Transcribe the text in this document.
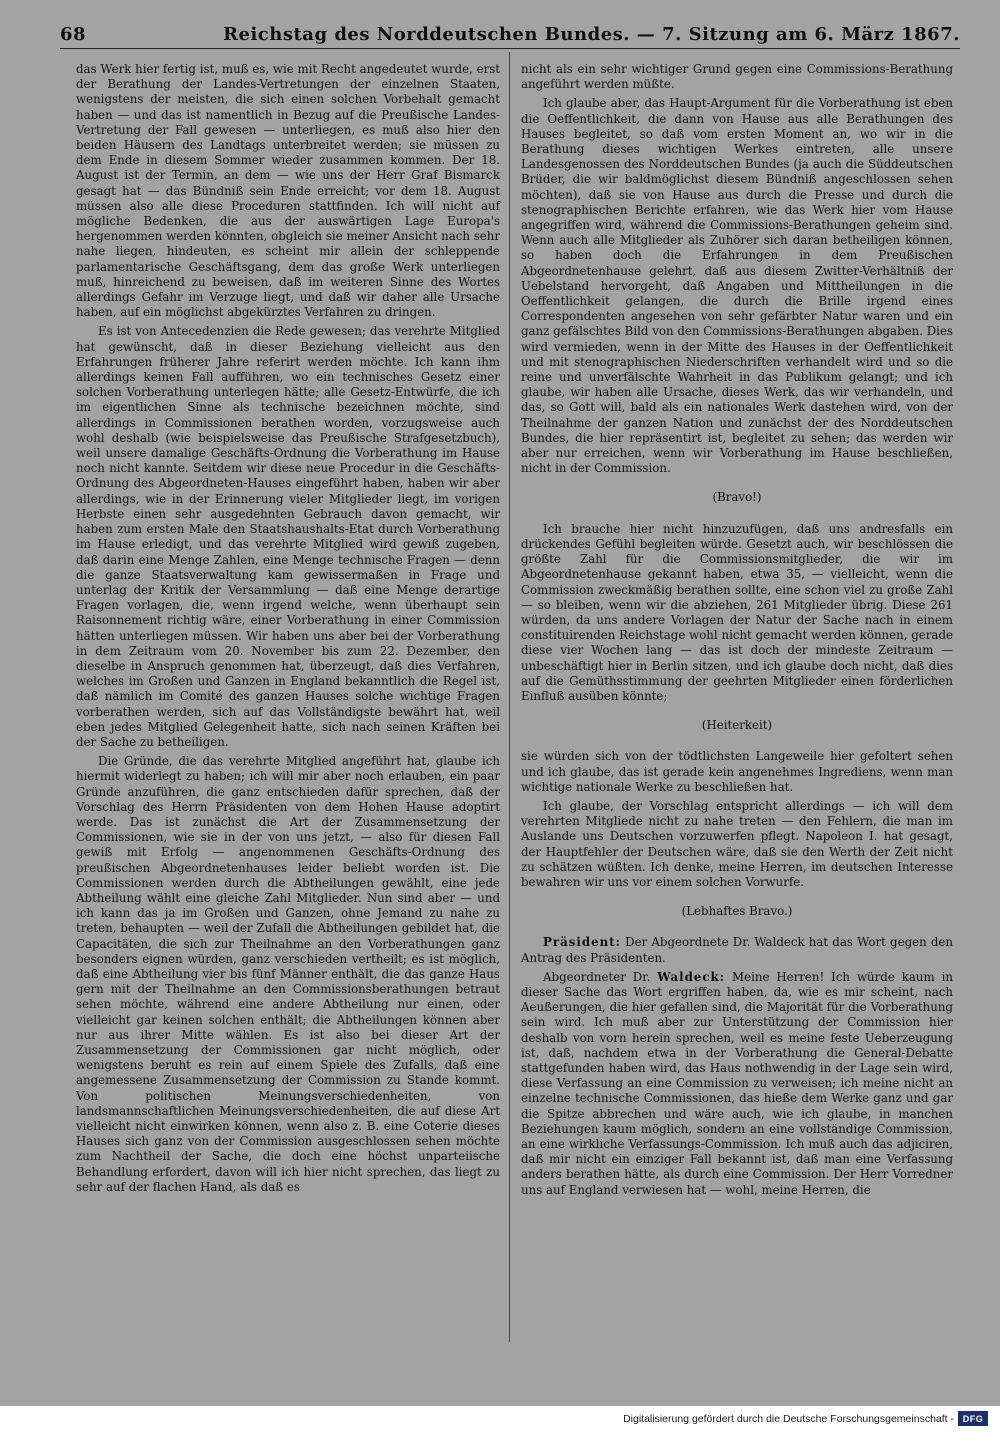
68	Reichstag des Norddeutschen Bundes. — 7. Sitzung am 6. März 1867.

das Werk hier fertig ist, muß es, wie mit Recht angedeutet wurde, erst der Berathung der Landes-Vertretungen der einzelnen Staaten, wenigstens der meisten, die sich einen solchen Vorbehalt gemacht haben — und das ist namentlich in Bezug auf die Preußische Landes-Vertretung der Fall gewesen — unterliegen, es muß also hier den beiden Häusern des Landtags unterbreitet werden; sie müssen zu dem Ende in diesem Sommer wieder zusammen kommen. Der 18. August ist der Termin, an dem — wie uns der Herr Graf Bismarck gesagt hat — das Bündniß sein Ende erreicht; vor dem 18. August müssen also alle diese Proceduren stattfinden. Ich will nicht auf mögliche Bedenken, die aus der auswärtigen Lage Europa's hergenommen werden könnten, obgleich sie meiner Ansicht nach sehr nahe liegen, hindeuten, es scheint mir allein der schleppende parlamentarische Geschäftsgang, dem das große Werk unterliegen muß, hinreichend zu beweisen, daß im weiteren Sinne des Wortes allerdings Gefahr im Verzuge liegt, und daß wir daher alle Ursache haben, auf ein möglichst abgekürztes Verfahren zu dringen.

Es ist von Antecedenzien die Rede gewesen; das verehrte Mitglied hat gewünscht, daß in dieser Beziehung vielleicht aus den Erfahrungen früherer Jahre referirt werden möchte. Ich kann ihm allerdings keinen Fall aufführen, wo ein technisches Gesetz einer solchen Vorberathung unterlegen hätte; alle Gesetz-Entwürfe, die ich im eigentlichen Sinne als technische bezeichnen möchte, sind allerdings in Commissionen berathen worden, vorzugsweise auch wohl deshalb (wie beispielsweise das Preußische Strafgesetzbuch), weil unsere damalige Geschäfts-Ordnung die Vorberathung im Hause noch nicht kannte. Seitdem wir diese neue Procedur in die Geschäfts-Ordnung des Abgeordneten-Hauses eingeführt haben, haben wir aber allerdings, wie in der Erinnerung vieler Mitglieder liegt, im vorigen Herbste einen sehr ausgedehnten Gebrauch davon gemacht, wir haben zum ersten Male den Staatshaushalts-Etat durch Vorberathung im Hause erledigt, und das verehrte Mitglied wird gewiß zugeben, daß darin eine Menge Zahlen, eine Menge technische Fragen — denn die ganze Staatsverwaltung kam gewissermaßen in Frage und unterlag der Kritik der Versammlung — daß eine Menge derartige Fragen vorlagen, die, wenn irgend welche, wenn überhaupt sein Raisonnement richtig wäre, einer Vorberathung in einer Commission hätten unterliegen müssen. Wir haben uns aber bei der Vorberathung in dem Zeitraum vom 20. November bis zum 22. Dezember, den dieselbe in Anspruch genommen hat, überzeugt, daß dies Verfahren, welches im Großen und Ganzen in England bekanntlich die Regel ist, daß nämlich im Comité des ganzen Hauses solche wichtige Fragen vorberathen werden, sich auf das Vollständigste bewährt hat, weil eben jedes Mitglied Gelegenheit hatte, sich nach seinen Kräften bei der Sache zu betheiligen.

Die Gründe, die das verehrte Mitglied angeführt hat, glaube ich hiermit widerlegt zu haben; ich will mir aber noch erlauben, ein paar Gründe anzuführen, die ganz entschieden dafür sprechen, daß der Vorschlag des Herrn Präsidenten von dem Hohen Hause adoptirt werde. Das ist zunächst die Art der Zusammensetzung der Commissionen, wie sie in der von uns jetzt, — also für diesen Fall gewiß mit Erfolg — angenommenen Geschäfts-Ordnung des preußischen Abgeordnetenhauses leider beliebt worden ist. Die Commissionen werden durch die Abtheilungen gewählt, eine jede Abtheilung wählt eine gleiche Zahl Mitglieder. Nun sind aber — und ich kann das ja im Großen und Ganzen, ohne Jemand zu nahe zu treten, behaupten — weil der Zufall die Abtheilungen gebildet hat, die Capacitäten, die sich zur Theilnahme an den Vorberathungen ganz besonders eignen würden, ganz verschieden vertheilt; es ist möglich, daß eine Abtheilung vier bis fünf Männer enthält, die das ganze Haus gern mit der Theilnahme an den Commissionsberathungen betraut sehen möchte, während eine andere Abtheilung nur einen, oder vielleicht gar keinen solchen enthält; die Abtheilungen können aber nur aus ihrer Mitte wählen. Es ist also bei dieser Art der Zusammensetzung der Commissionen gar nicht möglich, oder wenigstens beruht es rein auf einem Spiele des Zufalls, daß eine angemessene Zusammensetzung der Commission zu Stande kommt. Von politischen Meinungsverschiedenheiten, von landsmannschaftlichen Meinungsverschiedenheiten, die auf diese Art vielleicht nicht einwirken können, wenn also z. B. eine Coterie dieses Hauses sich ganz von der Commission ausgeschlossen sehen möchte zum Nachtheil der Sache, die doch eine höchst unparteiische Behandlung erfordert, davon will ich hier nicht sprechen, das liegt zu sehr auf der flachen Hand, als daß es

nicht als ein sehr wichtiger Grund gegen eine Commissions-Berathung angeführt werden müßte.

Ich glaube aber, das Haupt-Argument für die Vorberathung ist eben die Oeffentlichkeit, die dann von Hause aus alle Berathungen des Hauses begleitet, so daß vom ersten Moment an, wo wir in die Berathung dieses wichtigen Werkes eintreten, alle unsere Landesgenossen des Norddeutschen Bundes (ja auch die Süddeutschen Brüder, die wir baldmöglichst diesem Bündniß angeschlossen sehen möchten), daß sie von Hause aus durch die Presse und durch die stenographischen Berichte erfahren, wie das Werk hier vom Hause angegriffen wird, während die Commissions-Berathungen geheim sind. Wenn auch alle Mitglieder als Zuhörer sich daran betheiligen können, so haben doch die Erfahrungen in dem Preußischen Abgeordnetenhause gelehrt, daß aus diesem Zwitter-Verhältniß der Uebelstand hervorgeht, daß Angaben und Mittheilungen in die Oeffentlichkeit gelangen, die durch die Brille irgend eines Correspondenten angesehen von sehr gefärbter Natur waren und ein ganz gefälschtes Bild von den Commissions-Berathungen abgaben. Dies wird vermieden, wenn in der Mitte des Hauses in der Oeffentlichkeit und mit stenographischen Niederschriften verhandelt wird und so die reine und unverfälschte Wahrheit in das Publikum gelangt; und ich glaube, wir haben alle Ursache, dieses Werk, das wir verhandeln, und das, so Gott will, bald als ein nationales Werk dastehen wird, von der Theilnahme der ganzen Nation und zunächst der des Norddeutschen Bundes, die hier repräsentirt ist, begleitet zu sehen; das werden wir aber nur erreichen, wenn wir Vorberathung im Hause beschließen, nicht in der Commission.

(Bravo!)

Ich brauche hier nicht hinzuzufügen, daß uns andresfalls ein drückendes Gefühl begleiten würde. Gesetzt auch, wir beschlössen die größte Zahl für die Commissionsmitglieder, die wir im Abgeordnetenhause gekannt haben, etwa 35, — vielleicht, wenn die Commission zweckmäßig berathen sollte, eine schon viel zu große Zahl — so bleiben, wenn wir die abziehen, 261 Mitglieder übrig. Diese 261 würden, da uns andere Vorlagen der Natur der Sache nach in einem constituirenden Reichstage wohl nicht gemacht werden können, gerade diese vier Wochen lang — das ist doch der mindeste Zeitraum — unbeschäftigt hier in Berlin sitzen, und ich glaube doch nicht, daß dies auf die Gemüthsstimmung der geehrten Mitglieder einen förderlichen Einfluß ausüben könnte;

(Heiterkeit)

sie würden sich von der tödtlichsten Langeweile hier gefoltert sehen und ich glaube, das ist gerade kein angenehmes Ingrediens, wenn man wichtige nationale Werke zu beschließen hat.

Ich glaube, der Vorschlag entspricht allerdings — ich will dem verehrten Mitgliede nicht zu nahe treten — den Fehlern, die man im Auslande uns Deutschen vorzuwerfen pflegt. Napoleon I. hat gesagt, der Hauptfehler der Deutschen wäre, daß sie den Werth der Zeit nicht zu schätzen wüßten. Ich denke, meine Herren, im deutschen Interesse bewahren wir uns vor einem solchen Vorwurfe.

(Lebhaftes Bravo.)

Präsident: Der Abgeordnete Dr. Waldeck hat das Wort gegen den Antrag des Präsidenten.

Abgeordneter Dr. Waldeck: Meine Herren! Ich würde kaum in dieser Sache das Wort ergriffen haben, da, wie es mir scheint, nach Aeußerungen, die hier gefallen sind, die Majorität für die Vorberathung sein wird. Ich muß aber zur Unterstützung der Commission hier deshalb von vorn herein sprechen, weil es meine feste Ueberzeugung ist, daß, nachdem etwa in der Vorberathung die General-Debatte stattgefunden haben wird, das Haus nothwendig in der Lage sein wird, diese Verfassung an eine Commission zu verweisen; ich meine nicht an einzelne technische Commissionen, das hieße dem Werke ganz und gar die Spitze abbrechen und wäre auch, wie ich glaube, in manchen Beziehungen kaum möglich, sondern an eine vollständige Commission, an eine wirkliche Verfassungs-Commission. Ich muß auch das adjiciren, daß mir nicht ein einziger Fall bekannt ist, daß man eine Verfassung anders berathen hätte, als durch eine Commission. Der Herr Vorredner uns auf England verwiesen hat — wohl, meine Herren, die

Digitalisierung gefördert durch die Deutsche Forschungsgemeinschaft - DFG
